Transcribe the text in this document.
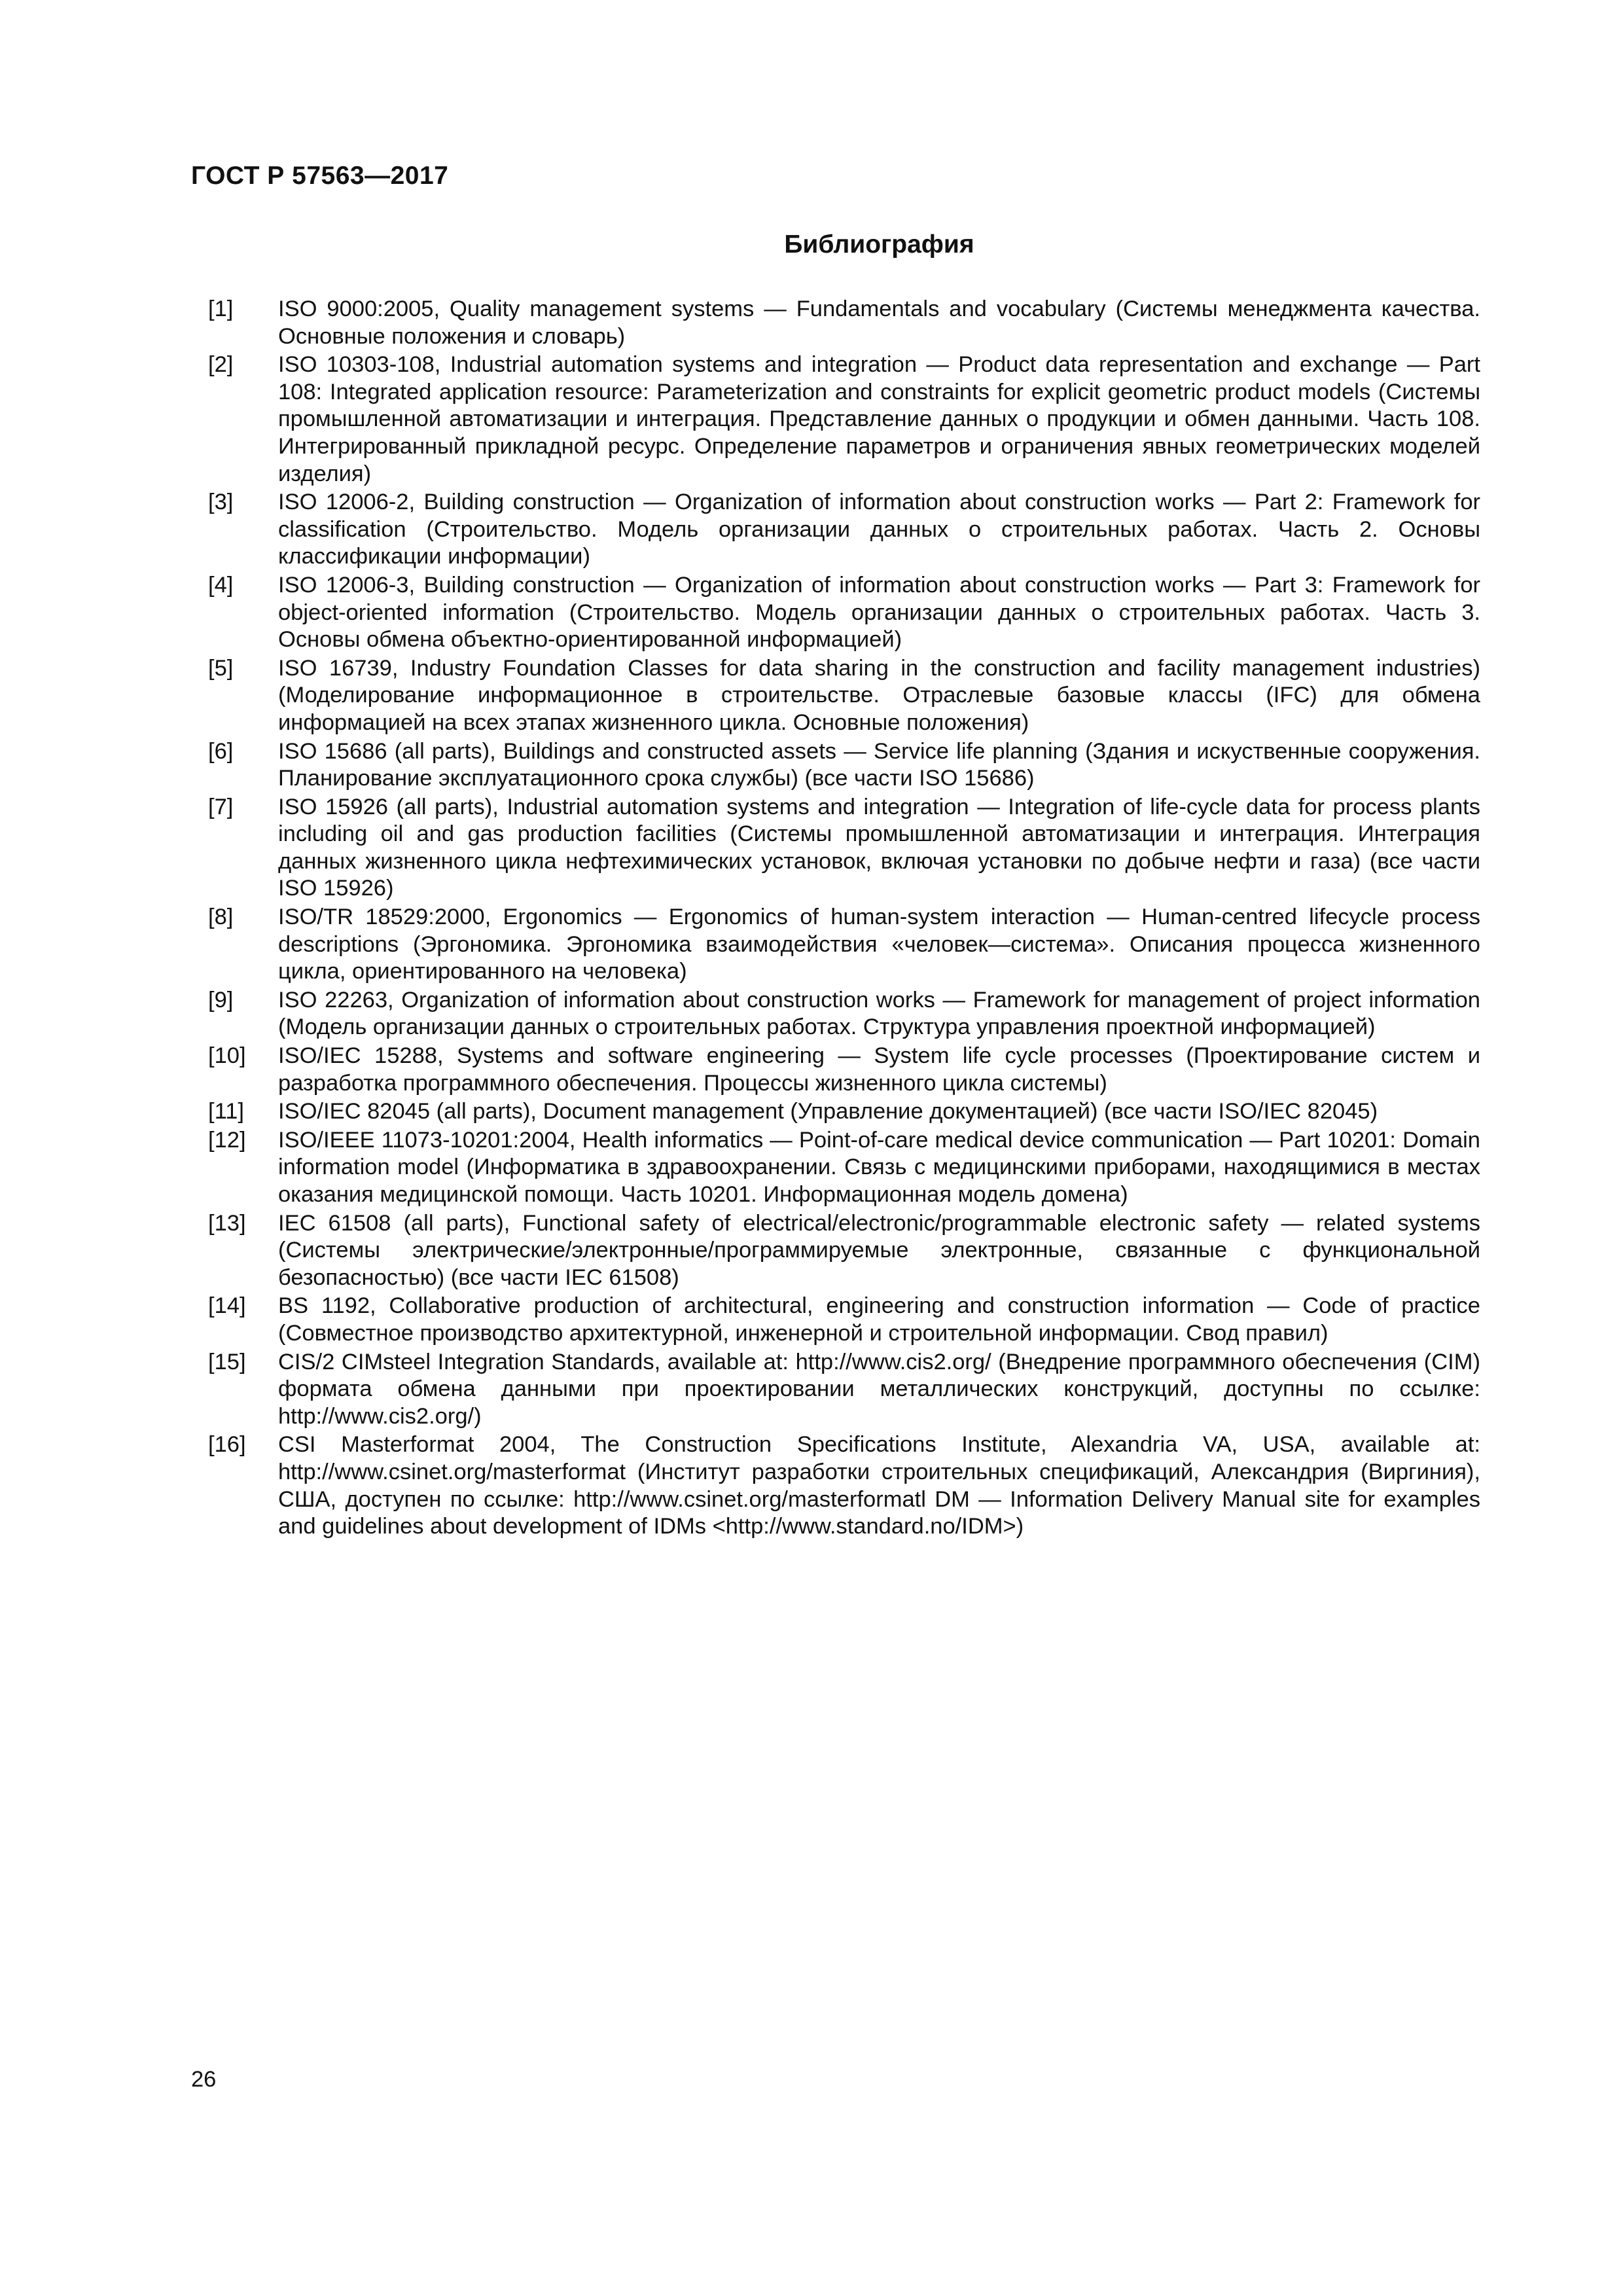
ГОСТ Р 57563—2017
Библиография
[1] ISO 9000:2005, Quality management systems — Fundamentals and vocabulary (Системы менеджмента качества. Основные положения и словарь)
[2] ISO 10303-108, Industrial automation systems and integration — Product data representation and exchange — Part 108: Integrated application resource: Parameterization and constraints for explicit geometric product models (Системы промышленной автоматизации и интеграция. Представление данных о продукции и обмен данными. Часть 108. Интегрированный прикладной ресурс. Определение параметров и ограничения явных геометрических моделей изделия)
[3] ISO 12006-2, Building construction — Organization of information about construction works — Part 2: Framework for classification (Строительство. Модель организации данных о строительных работах. Часть 2. Основы классификации информации)
[4] ISO 12006-3, Building construction — Organization of information about construction works — Part 3: Framework for object-oriented information (Строительство. Модель организации данных о строительных работах. Часть 3. Основы обмена объектно-ориентированной информацией)
[5] ISO 16739, Industry Foundation Classes for data sharing in the construction and facility management industries) (Моделирование информационное в строительстве. Отраслевые базовые классы (IFC) для обмена информацией на всех этапах жизненного цикла. Основные положения)
[6] ISO 15686 (all parts), Buildings and constructed assets — Service life planning (Здания и искуственные сооружения. Планирование эксплуатационного срока службы) (все части ISO 15686)
[7] ISO 15926 (all parts), Industrial automation systems and integration — Integration of life-cycle data for process plants including oil and gas production facilities (Системы промышленной автоматизации и интеграция. Интеграция данных жизненного цикла нефтехимических установок, включая установки по добыче нефти и газа) (все части ISO 15926)
[8] ISO/TR 18529:2000, Ergonomics — Ergonomics of human-system interaction — Human-centred lifecycle process descriptions (Эргономика. Эргономика взаимодействия «человек—система». Описания процесса жизненного цикла, ориентированного на человека)
[9] ISO 22263, Organization of information about construction works — Framework for management of project information (Модель организации данных о строительных работах. Структура управления проектной информацией)
[10] ISO/IEC 15288, Systems and software engineering — System life cycle processes (Проектирование систем и разработка программного обеспечения. Процессы жизненного цикла системы)
[11] ISO/IEC 82045 (all parts), Document management (Управление документацией) (все части ISO/IEC 82045)
[12] ISO/IEEE 11073-10201:2004, Health informatics — Point-of-care medical device communication — Part 10201: Domain information model (Информатика в здравоохранении. Связь с медицинскими приборами, находящимися в местах оказания медицинской помощи. Часть 10201. Информационная модель домена)
[13] IEC 61508 (all parts), Functional safety of electrical/electronic/programmable electronic safety — related systems (Системы электрические/электронные/программируемые электронные, связанные с функциональной безопасностью) (все части IEC 61508)
[14] BS 1192, Collaborative production of architectural, engineering and construction information — Code of practice (Совместное производство архитектурной, инженерной и строительной информации. Свод правил)
[15] CIS/2 CIMsteel Integration Standards, available at: http://www.cis2.org/ (Внедрение программного обеспечения (CIM) формата обмена данными при проектировании металлических конструкций, доступны по ссылке: http://www.cis2.org/)
[16] CSI Masterformat 2004, The Construction Specifications Institute, Alexandria VA, USA, available at: http://www.csinet.org/masterformat (Институт разработки строительных спецификаций, Александрия (Виргиния), США, доступен по ссылке: http://www.csinet.org/masterformatl DM — Information Delivery Manual site for examples and guidelines about development of IDMs <http://www.standard.no/IDM>)
26
